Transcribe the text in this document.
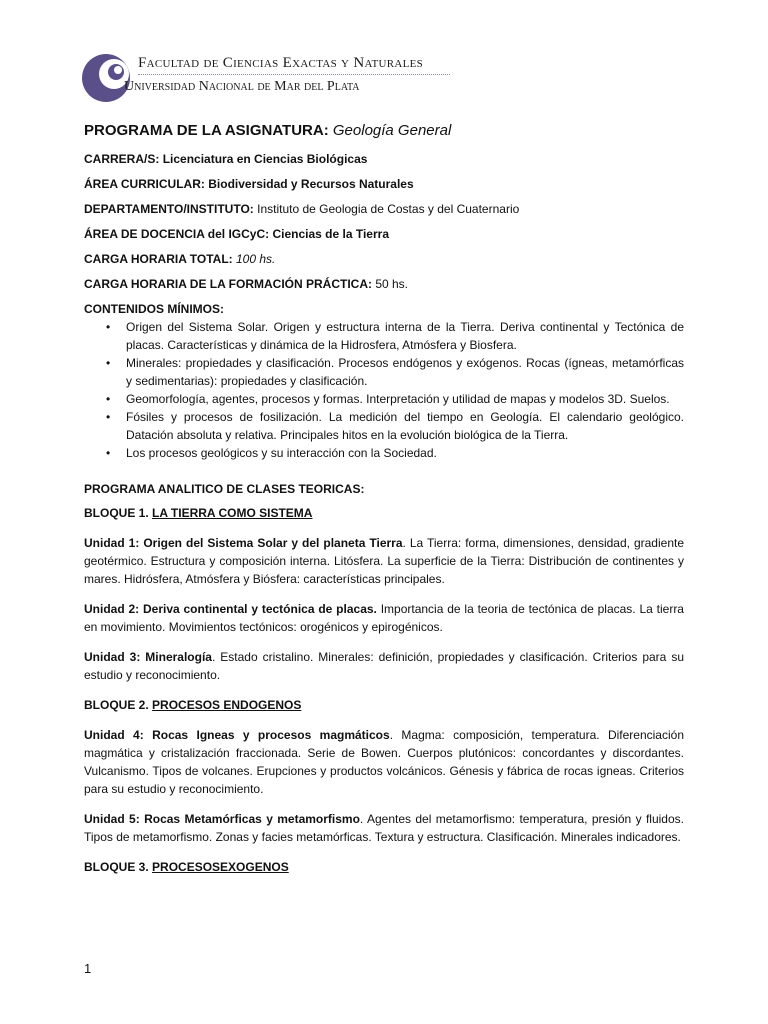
Facultad de Ciencias Exactas y Naturales
Universidad Nacional de Mar del Plata
PROGRAMA DE LA ASIGNATURA: Geología General
CARRERA/S: Licenciatura en Ciencias Biológicas
ÁREA CURRICULAR: Biodiversidad y Recursos Naturales
DEPARTAMENTO/INSTITUTO: Instituto de Geologia de Costas y del Cuaternario
ÁREA DE DOCENCIA del IGCyC: Ciencias de la Tierra
CARGA HORARIA TOTAL: 100 hs.
CARGA HORARIA DE LA FORMACIÓN PRÁCTICA: 50 hs.
CONTENIDOS MÍNIMOS:
• Origen del Sistema Solar. Origen y estructura interna de la Tierra. Deriva continental y Tectónica de placas. Características y dinámica de la Hidrosfera, Atmósfera y Biosfera.
• Minerales: propiedades y clasificación. Procesos endógenos y exógenos. Rocas (ígneas, metamórficas y sedimentarias): propiedades y clasificación.
• Geomorfología, agentes, procesos y formas. Interpretación y utilidad de mapas y modelos 3D. Suelos.
• Fósiles y procesos de fosilización. La medición del tiempo en Geología. El calendario geológico. Datación absoluta y relativa. Principales hitos en la evolución biológica de la Tierra.
• Los procesos geológicos y su interacción con la Sociedad.
PROGRAMA ANALITICO DE CLASES TEORICAS:
BLOQUE 1. LA TIERRA COMO SISTEMA
Unidad 1: Origen del Sistema Solar y del planeta Tierra. La Tierra: forma, dimensiones, densidad, gradiente geotérmico. Estructura y composición interna. Litósfera. La superficie de la Tierra: Distribución de continentes y mares. Hidrósfera, Atmósfera y Biósfera: características principales.
Unidad 2: Deriva continental y tectónica de placas. Importancia de la teoria de tectónica de placas. La tierra en movimiento. Movimientos tectónicos: orogénicos y epirogénicos.
Unidad 3: Mineralogía. Estado cristalino. Minerales: definición, propiedades y clasificación. Criterios para su estudio y reconocimiento.
BLOQUE 2. PROCESOS ENDOGENOS
Unidad 4: Rocas Igneas y procesos magmáticos. Magma: composición, temperatura. Diferenciación magmática y cristalización fraccionada. Serie de Bowen. Cuerpos plutónicos: concordantes y discordantes. Vulcanismo. Tipos de volcanes. Erupciones y productos volcánicos. Génesis y fábrica de rocas igneas. Criterios para su estudio y reconocimiento.
Unidad 5: Rocas Metamórficas y metamorfismo. Agentes del metamorfismo: temperatura, presión y fluidos. Tipos de metamorfismo. Zonas y facies metamórficas. Textura y estructura. Clasificación. Minerales indicadores.
BLOQUE 3. PROCESOSEXOGENOS
1
